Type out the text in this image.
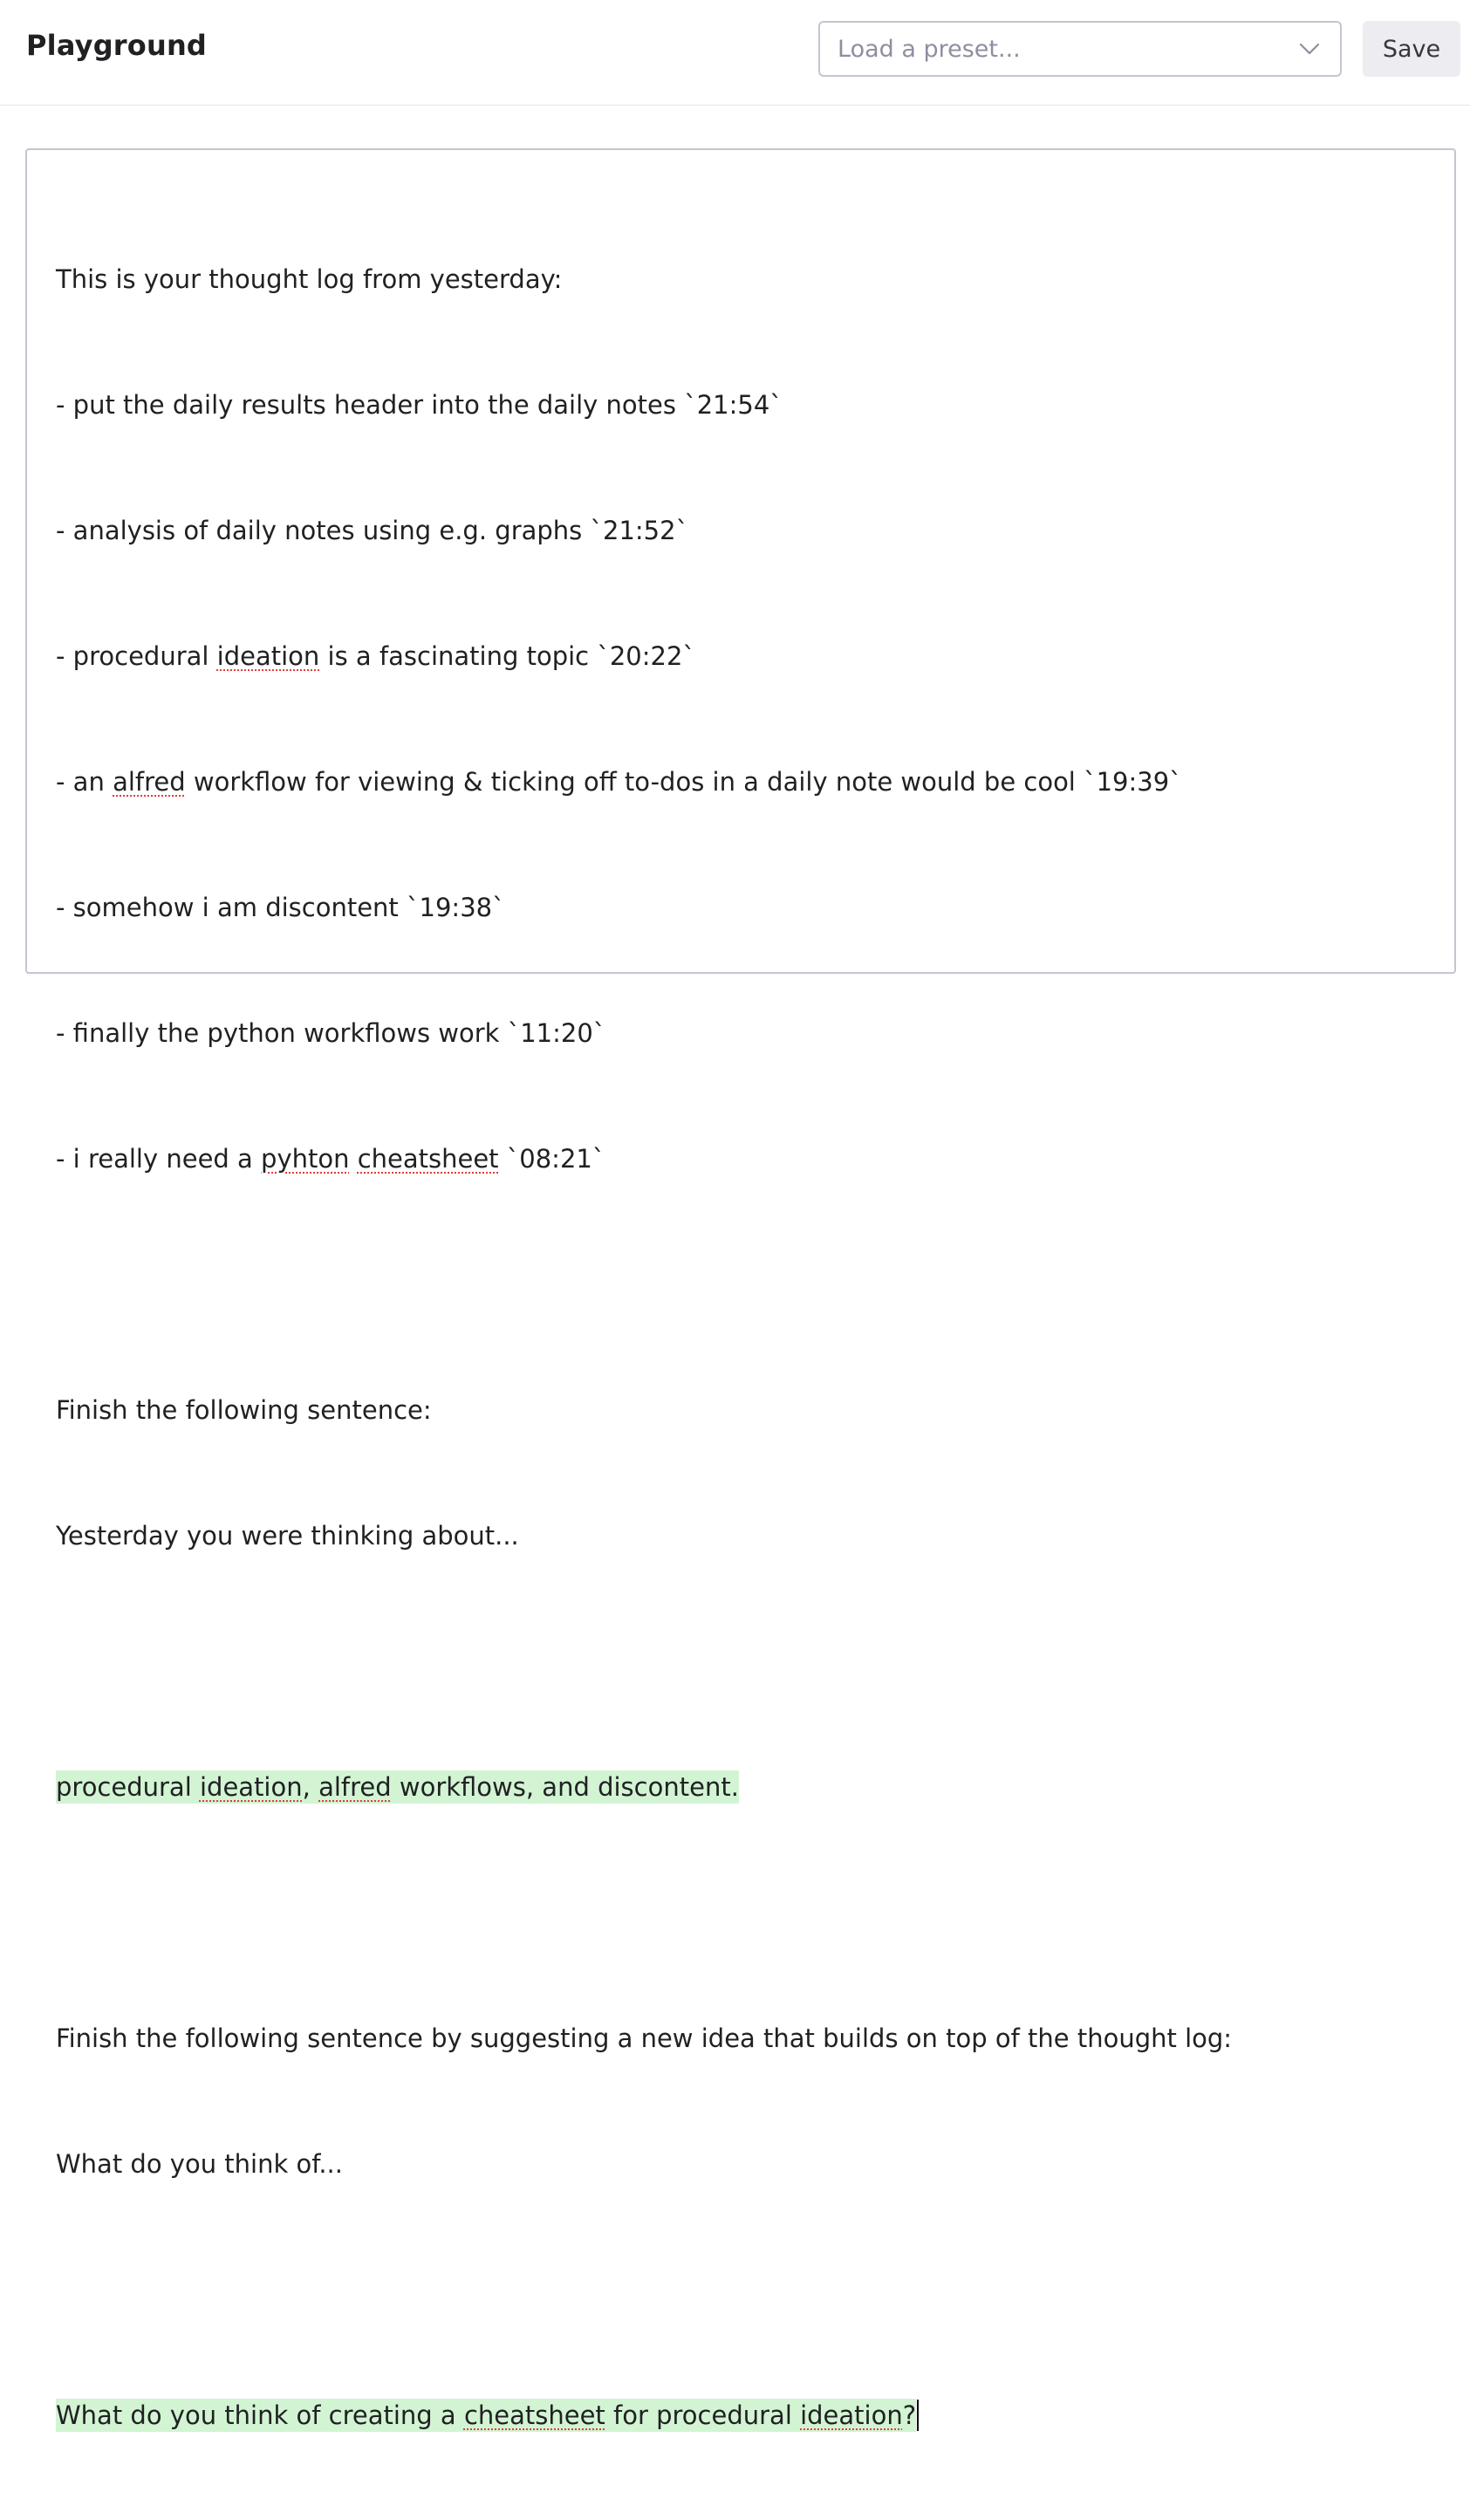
Playground	Load a preset...	Save

This is your thought log from yesterday:

- put the daily results header into the daily notes `21:54`

- analysis of daily notes using e.g. graphs `21:52`

- procedural ideation is a fascinating topic `20:22`

- an alfred workflow for viewing & ticking off to-dos in a daily note would be cool `19:39`

- somehow i am discontent `19:38`

- finally the python workflows work `11:20`

- i really need a pyhton cheatsheet `08:21`

Finish the following sentence:

Yesterday you were thinking about...

procedural ideation, alfred workflows, and discontent.

Finish the following sentence by suggesting a new idea that builds on top of the thought log:

What do you think of...

What do you think of creating a cheatsheet for procedural ideation?
